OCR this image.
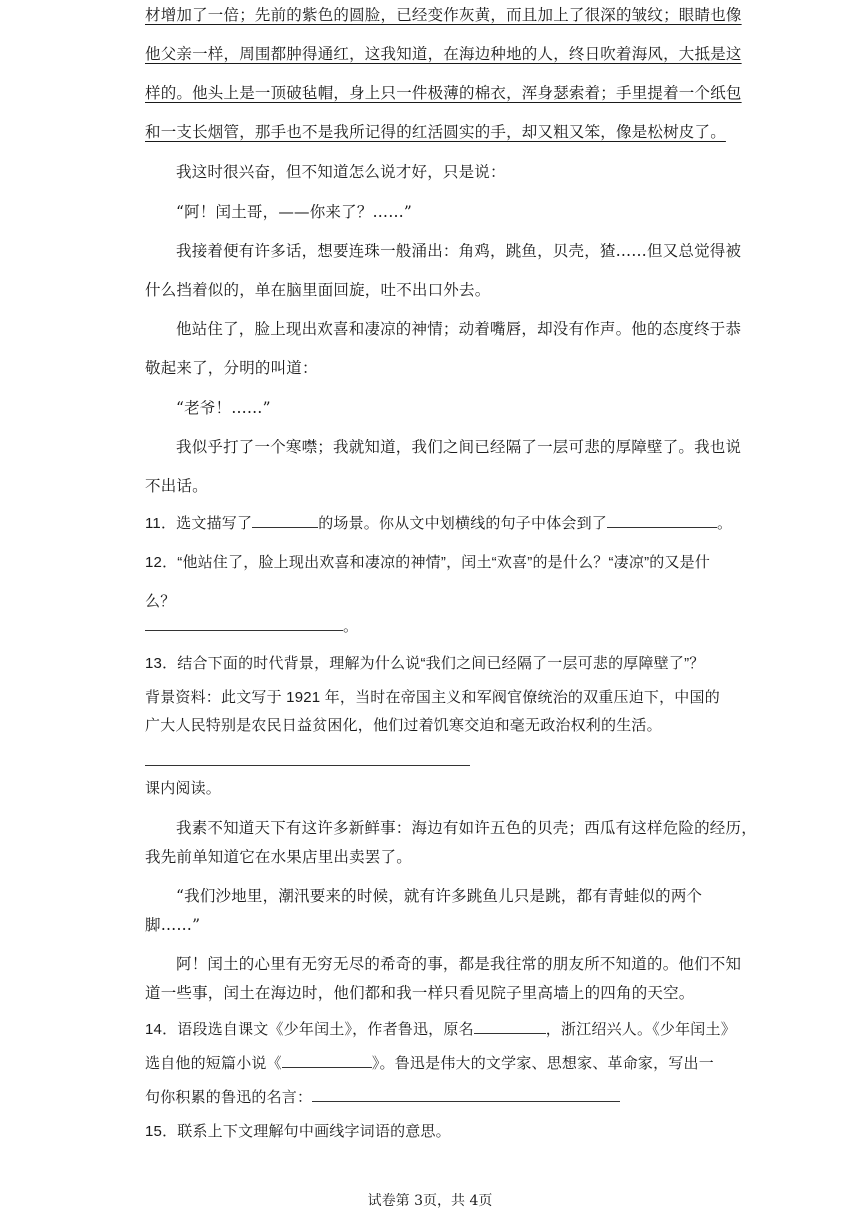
材增加了一倍；先前的紫色的圆脸，已经变作灰黄，而且加上了很深的皱纹；眼睛也像
他父亲一样，周围都肿得通红，这我知道，在海边种地的人，终日吹着海风，大抵是这
样的。他头上是一顶破毡帽，身上只一件极薄的棉衣，浑身瑟索着；手里提着一个纸包
和一支长烟管，那手也不是我所记得的红活圆实的手，却又粗又笨，像是松树皮了。
我这时很兴奋，但不知道怎么说才好，只是说：
“阿！闰土哥，——你来了？……”
我接着便有许多话，想要连珠一般涌出：角鸡，跳鱼，贝壳，猹……但又总觉得被
什么挡着似的，单在脑里面回旋，吐不出口外去。
他站住了，脸上现出欢喜和凄凉的神情；动着嘴唇，却没有作声。他的态度终于恭
敬起来了，分明的叫道：
“老爷！……”
我似乎打了一个寒噤；我就知道，我们之间已经隔了一层可悲的厚障壁了。我也说
不出话。
11．选文描写了	的场景。你从文中划横线的句子中体会到了	。
12．“他站住了，脸上现出欢喜和凄凉的神情”，闰土“欢喜”的是什么？“凄凉”的又是什
么？
。
13．结合下面的时代背景，理解为什么说“我们之间已经隔了一层可悲的厚障壁了”？
背景资料：此文写于 1921 年，当时在帝国主义和军阀官僚统治的双重压迫下，中国的
广大人民特别是农民日益贫困化，他们过着饥寒交迫和毫无政治权利的生活。
课内阅读。
我素不知道天下有这许多新鲜事：海边有如许五色的贝壳；西瓜有这样危险的经历，
我先前单知道它在水果店里出卖罢了。
“我们沙地里，潮汛要来的时候，就有许多跳鱼儿只是跳，都有青蛙似的两个
脚……”
阿！闰土的心里有无穷无尽的希奇的事，都是我往常的朋友所不知道的。他们不知
道一些事，闰土在海边时，他们都和我一样只看见院子里高墙上的四角的天空。
14．语段选自课文《少年闰土》，作者鲁迅，原名	，浙江绍兴人。《少年闰土》
选自他的短篇小说《	》。鲁迅是伟大的文学家、思想家、革命家，写出一
句你积累的鲁迅的名言：
15．联系上下文理解句中画线字词语的意思。
试卷第 3页，共 4页
